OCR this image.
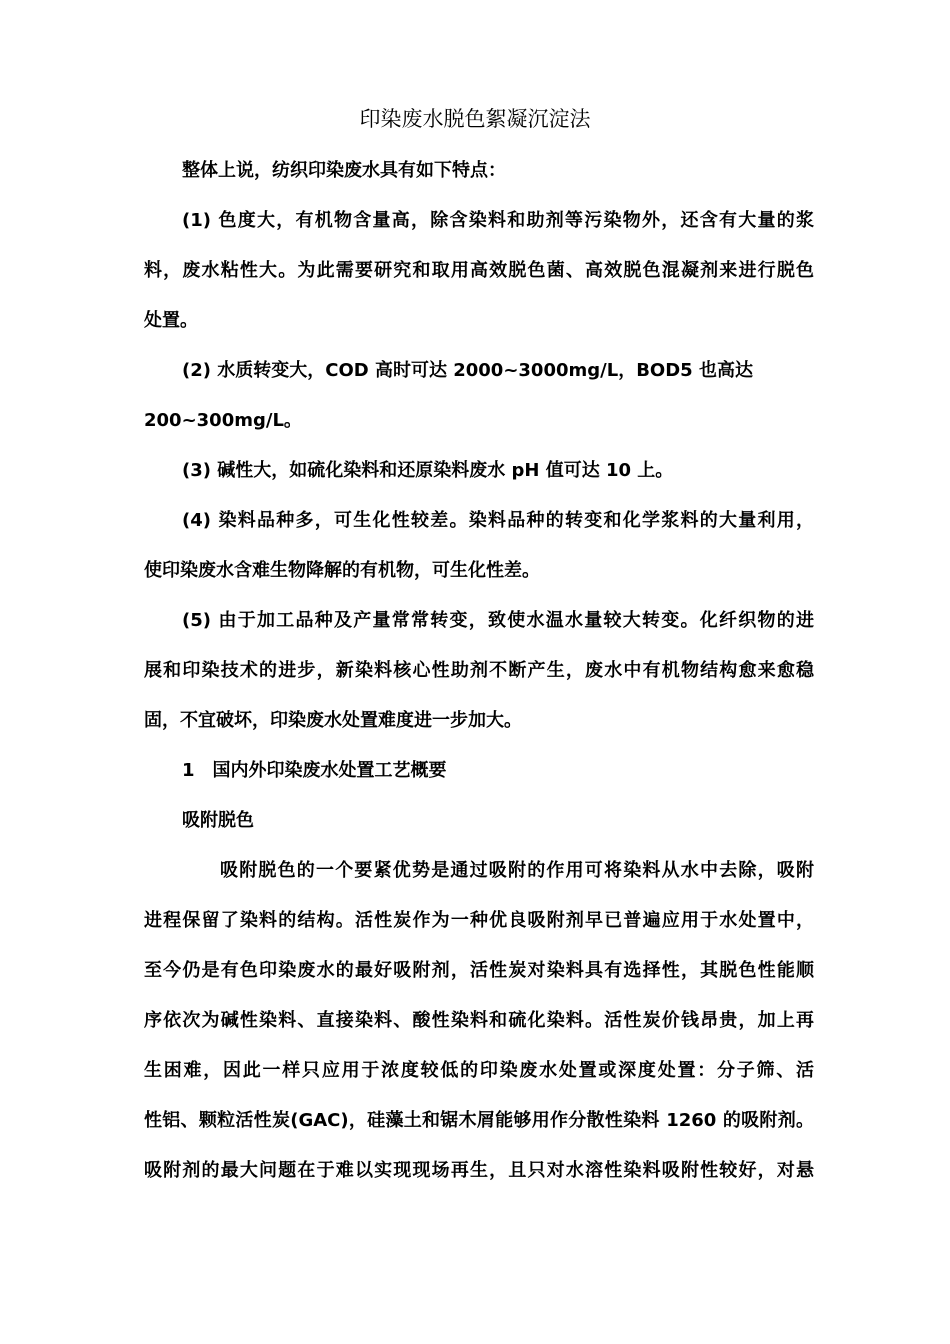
印染废水脱色絮凝沉淀法
整体上说，纺织印染废水具有如下特点：
(1) 色度大，有机物含量高，除含染料和助剂等污染物外，还含有大量的浆
料，废水粘性大。为此需要研究和取用高效脱色菌、高效脱色混凝剂来进行脱色
处置。
(2) 水质转变大，COD 高时可达 2000~3000mg/L，BOD5 也高达
200~300mg/L。
(3) 碱性大，如硫化染料和还原染料废水 pH 值可达 10 上。
(4) 染料品种多，可生化性较差。染料品种的转变和化学浆料的大量利用，
使印染废水含难生物降解的有机物，可生化性差。
(5) 由于加工品种及产量常常转变，致使水温水量较大转变。化纤织物的进
展和印染技术的进步，新染料核心性助剂不断产生，废水中有机物结构愈来愈稳
固，不宜破坏，印染废水处置难度进一步加大。
1　国内外印染废水处置工艺概要
吸附脱色
吸附脱色的一个要紧优势是通过吸附的作用可将染料从水中去除，吸附
进程保留了染料的结构。活性炭作为一种优良吸附剂早已普遍应用于水处置中，
至今仍是有色印染废水的最好吸附剂，活性炭对染料具有选择性，其脱色性能顺
序依次为碱性染料、直接染料、酸性染料和硫化染料。活性炭价钱昂贵，加上再
生困难，因此一样只应用于浓度较低的印染废水处置或深度处置：分子筛、活
性铝、颗粒活性炭(GAC)，硅藻土和锯木屑能够用作分散性染料 1260 的吸附剂。
吸附剂的最大问题在于难以实现现场再生，且只对水溶性染料吸附性较好，对悬
